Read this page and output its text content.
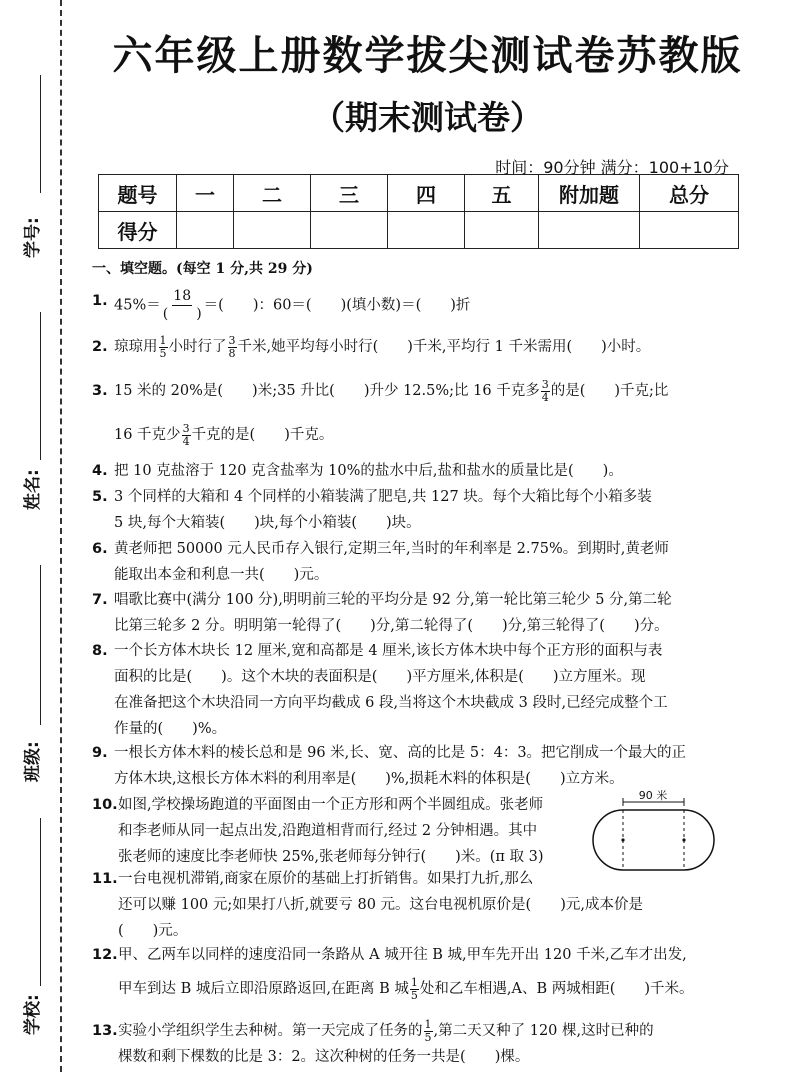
学号:
姓名:
班级:
学校:
六年级上册数学拔尖测试卷苏教版
（期末测试卷）
时间：90分钟 满分：100+10分
题号	一	二	三	四	五	附加题	总分
得分							
一、填空题。(每空 1 分,共 29 分)
1. $45\%= \frac{18}{( )}$ ＝(　　)：60＝(　　)(填小数)＝(　　)折
2. 琼琼用 $\frac{1}{5}$ 小时行了 $\frac{3}{8}$ 千米,她平均每小时行(　　)千米,平均行 1 千米需用(　　)小时。
3. 15 米的 20%是(　　)米;35 升比(　　)升少 12.5%;比 16 千克多 $\frac{3}{4}$ 的是(　　)千克;比
16 千克少 $\frac{3}{4}$ 千克的是(　　)千克。
4. 把 10 克盐溶于 120 克含盐率为 10%的盐水中后,盐和盐水的质量比是(　　)。
5. 3 个同样的大箱和 4 个同样的小箱装满了肥皂,共 127 块。每个大箱比每个小箱多装
5 块,每个大箱装(　　)块,每个小箱装(　　)块。
6. 黄老师把 50000 元人民币存入银行,定期三年,当时的年利率是 2.75%。到期时,黄老师
能取出本金和利息一共(　　)元。
7. 唱歌比赛中(满分 100 分),明明前三轮的平均分是 92 分,第一轮比第三轮少 5 分,第二轮
比第三轮多 2 分。明明第一轮得了(　　)分,第二轮得了(　　)分,第三轮得了(　　)分。
8. 一个长方体木块长 12 厘米,宽和高都是 4 厘米,该长方体木块中每个正方形的面积与表
面积的比是(　　)。这个木块的表面积是(　　)平方厘米,体积是(　　)立方厘米。现
在准备把这个木块沿同一方向平均截成 6 段,当将这个木块截成 3 段时,已经完成整个工
作量的(　　)%。
9. 一根长方体木料的棱长总和是 96 米,长、宽、高的比是 5：4：3。把它削成一个最大的正
方体木块,这根长方体木料的利用率是(　　)%,损耗木料的体积是(　　)立方米。
10. 如图,学校操场跑道的平面图由一个正方形和两个半圆组成。张老师
和李老师从同一起点出发,沿跑道相背而行,经过 2 分钟相遇。其中
张老师的速度比李老师快 25%,张老师每分钟行(　　)米。(π 取 3)
90 米
11. 一台电视机滞销,商家在原价的基础上打折销售。如果打九折,那么
还可以赚 100 元;如果打八折,就要亏 80 元。这台电视机原价是(　　)元,成本价是
(　　)元。
12. 甲、乙两车以同样的速度沿同一条路从 A 城开往 B 城,甲车先开出 120 千米,乙车才出发,
甲车到达 B 城后立即沿原路返回,在距离 B 城 $\frac{1}{5}$ 处和乙车相遇,A、B 两城相距(　　)千米。
13. 实验小学组织学生去种树。第一天完成了任务的 $\frac{1}{5}$ ,第二天又种了 120 棵,这时已种的
棵数和剩下棵数的比是 3：2。这次种树的任务一共是(　　)棵。
